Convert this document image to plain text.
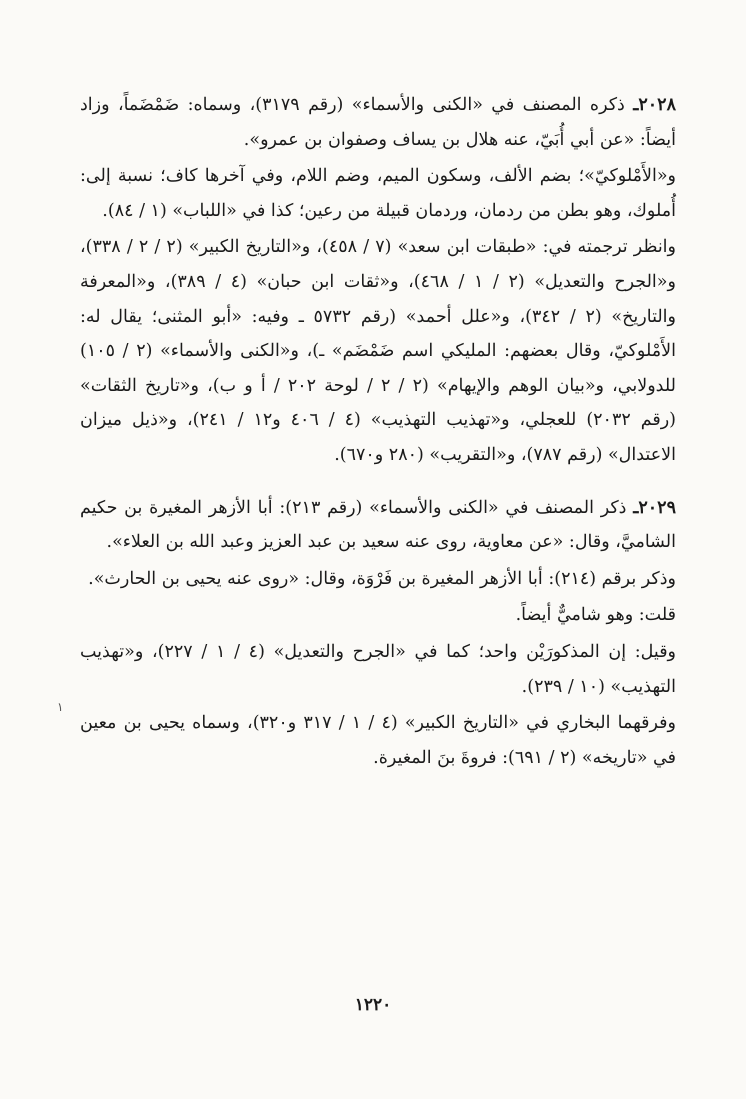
٢٠٢٨ـ ذكره المصنف في «الكنى والأسماء» (رقم ٣١٧٩)، وسماه: ضَمْضَماً، وزاد أيضاً: «عن أبي أُبَيّ، عنه هلال بن يساف وصفوان بن عمرو».

و«الأَمْلوكيّ»؛ بضم الألف، وسكون الميم، وضم اللام، وفي آخرها كاف؛ نسبة إلى: أُملوك، وهو بطن من ردمان، وردمان قبيلة من رعين؛ كذا في «اللباب» (١ / ٨٤).

وانظر ترجمته في: «طبقات ابن سعد» (٧ / ٤٥٨)، و«التاريخ الكبير» (٢ / ٢ / ٣٣٨)، و«الجرح والتعديل» (٢ / ١ / ٤٦٨)، و«ثقات ابن حبان» (٤ / ٣٨٩)، و«المعرفة والتاريخ» (٢ / ٣٤٢)، و«علل أحمد» (رقم ٥٧٣٢ ـ وفيه: «أبو المثنى؛ يقال له: الأَمْلوكيّ، وقال بعضهم: المليكي اسم ضَمْضَم» ـ)، و«الكنى والأسماء» (٢ / ١٠٥) للدولابي، و«بيان الوهم والإيهام» (٢ / ٢ / لوحة ٢٠٢ / أ و ب)، و«تاريخ الثقات» (رقم ٢٠٣٢) للعجلي، و«تهذيب التهذيب» (٤ / ٤٠٦ و١٢ / ٢٤١)، و«ذيل ميزان الاعتدال» (رقم ٧٨٧)، و«التقريب» (٢٨٠ و٦٧٠).

٢٠٢٩ـ ذكر المصنف في «الكنى والأسماء» (رقم ٢١٣): أبا الأزهر المغيرة بن حكيم الشاميَّ، وقال: «عن معاوية، روى عنه سعيد بن عبد العزيز وعبد الله بن العلاء».

وذكر برقم (٢١٤): أبا الأزهر المغيرة بن فَرْوَة، وقال: «روى عنه يحيى بن الحارث».

قلت: وهو شاميٌّ أيضاً.

وقيل: إن المذكورَيْن واحد؛ كما في «الجرح والتعديل» (٤ / ١ / ٢٢٧)، و«تهذيب التهذيب» (١٠ / ٢٣٩).

وفرقهما البخاري في «التاريخ الكبير» (٤ / ١ / ٣١٧ و٣٢٠)، وسماه يحيى بن معين في «تاريخه» (٢ / ٦٩١): فروةَ بنَ المغيرة.

١
١٢٢٠
